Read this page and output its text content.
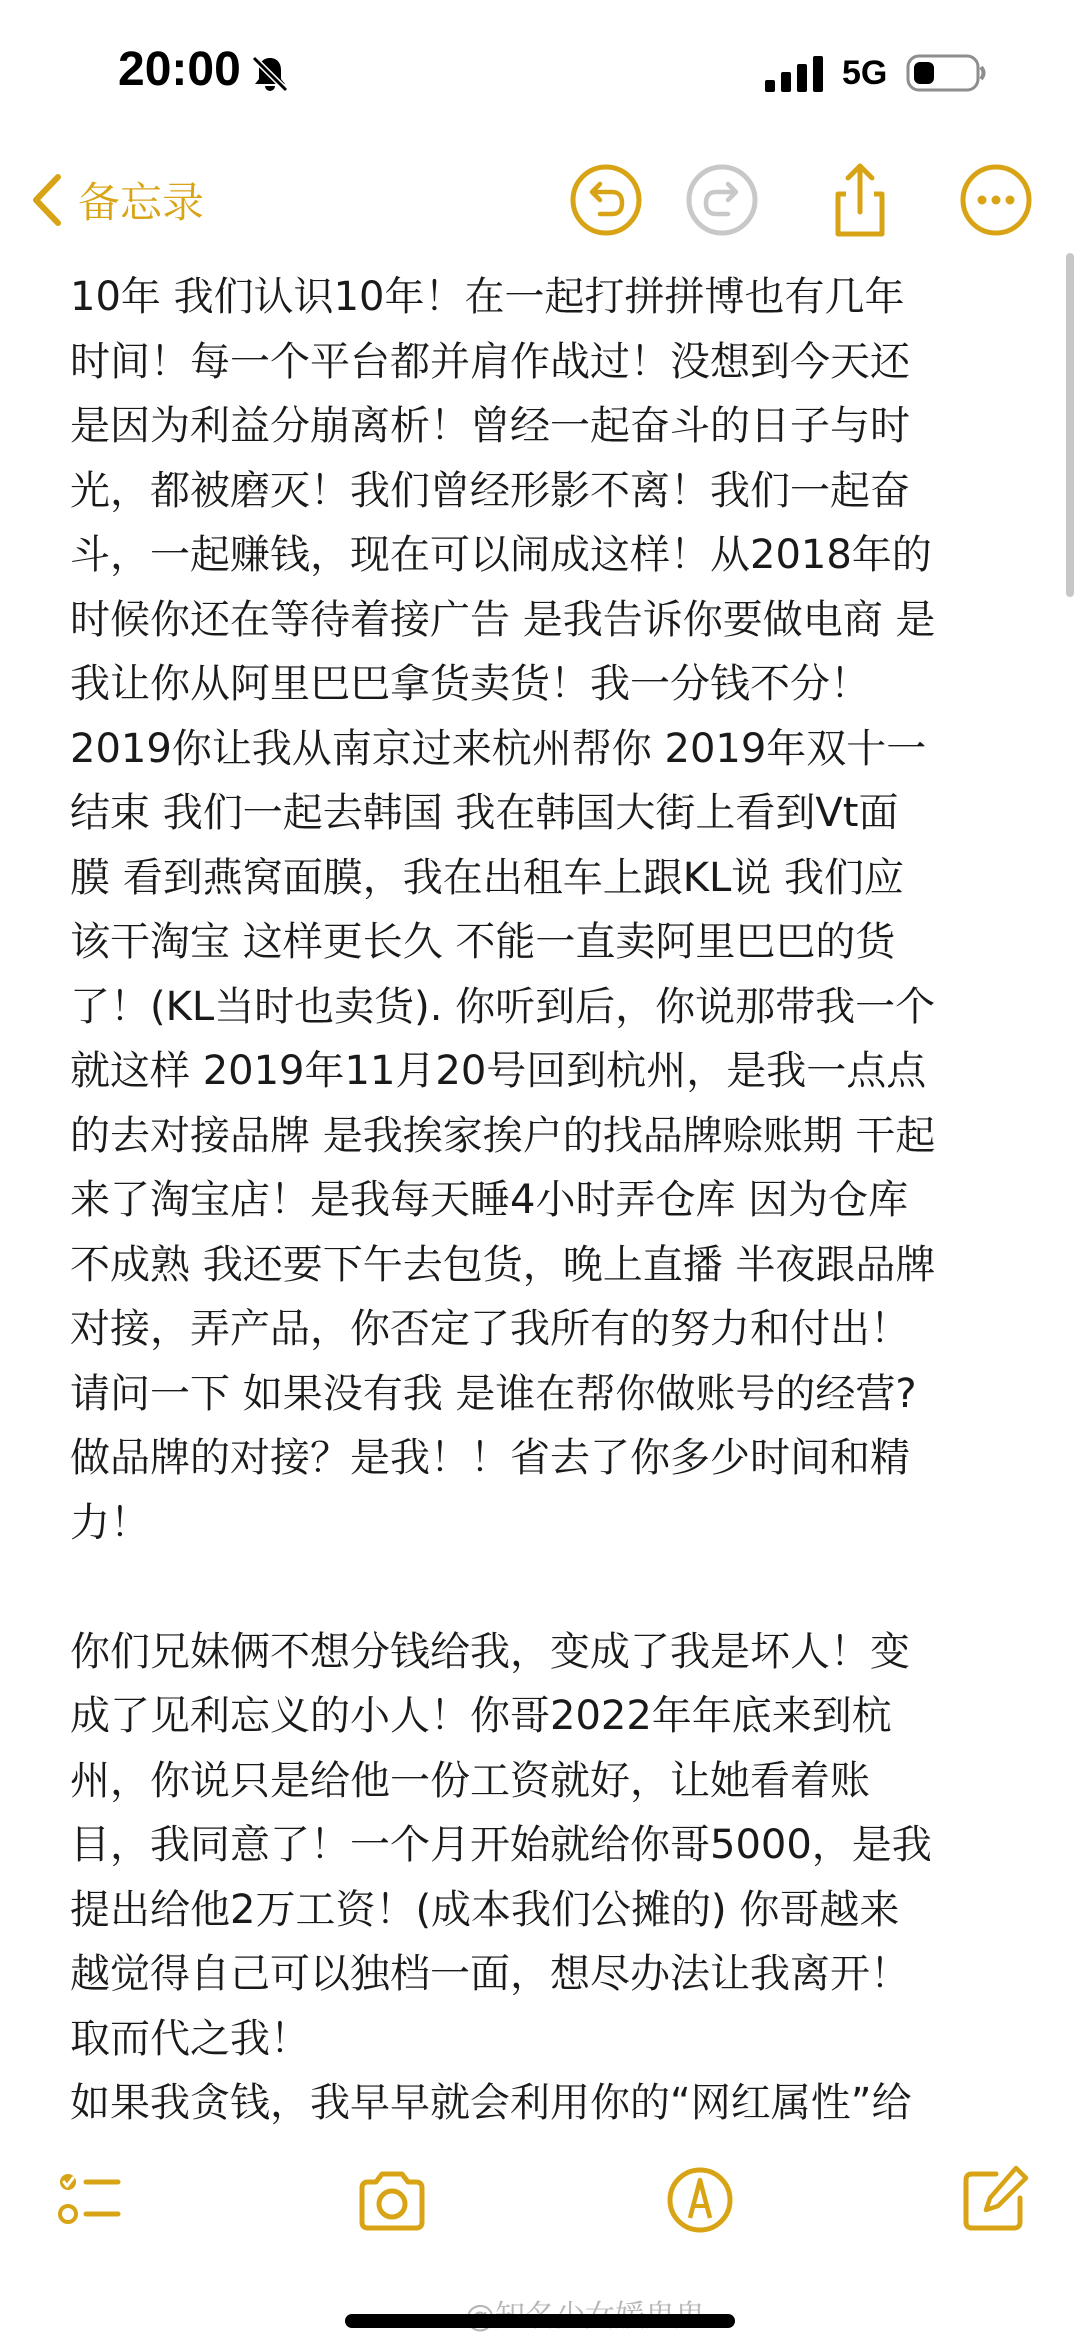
20:00	5G
备忘录
10年 我们认识10年！在一起打拼拼博也有几年
时间！每一个平台都并肩作战过！没想到今天还
是因为利益分崩离析！曾经一起奋斗的日子与时
光，都被磨灭！我们曾经形影不离！我们一起奋
斗，一起赚钱，现在可以闹成这样！从2018年的
时候你还在等待着接广告 是我告诉你要做电商 是
我让你从阿里巴巴拿货卖货！我一分钱不分！
2019你让我从南京过来杭州帮你 2019年双十一
结束 我们一起去韩国 我在韩国大街上看到Vt面
膜 看到燕窝面膜，我在出租车上跟KL说 我们应
该干淘宝 这样更长久 不能一直卖阿里巴巴的货
了！(KL当时也卖货). 你听到后，你说那带我一个
就这样 2019年11月20号回到杭州，是我一点点
的去对接品牌 是我挨家挨户的找品牌赊账期 干起
来了淘宝店！是我每天睡4小时弄仓库 因为仓库
不成熟 我还要下午去包货，晚上直播 半夜跟品牌
对接，弄产品，你否定了我所有的努力和付出！
请问一下 如果没有我 是谁在帮你做账号的经营?
做品牌的对接？是我！！省去了你多少时间和精
力！
你们兄妹俩不想分钱给我，变成了我是坏人！变
成了见利忘义的小人！你哥2022年年底来到杭
州，你说只是给他一份工资就好，让她看着账
目，我同意了！一个月开始就给你哥5000，是我
提出给他2万工资！(成本我们公摊的) 你哥越来
越觉得自己可以独档一面，想尽办法让我离开！
取而代之我！
如果我贪钱，我早早就会利用你的“网红属性”给
